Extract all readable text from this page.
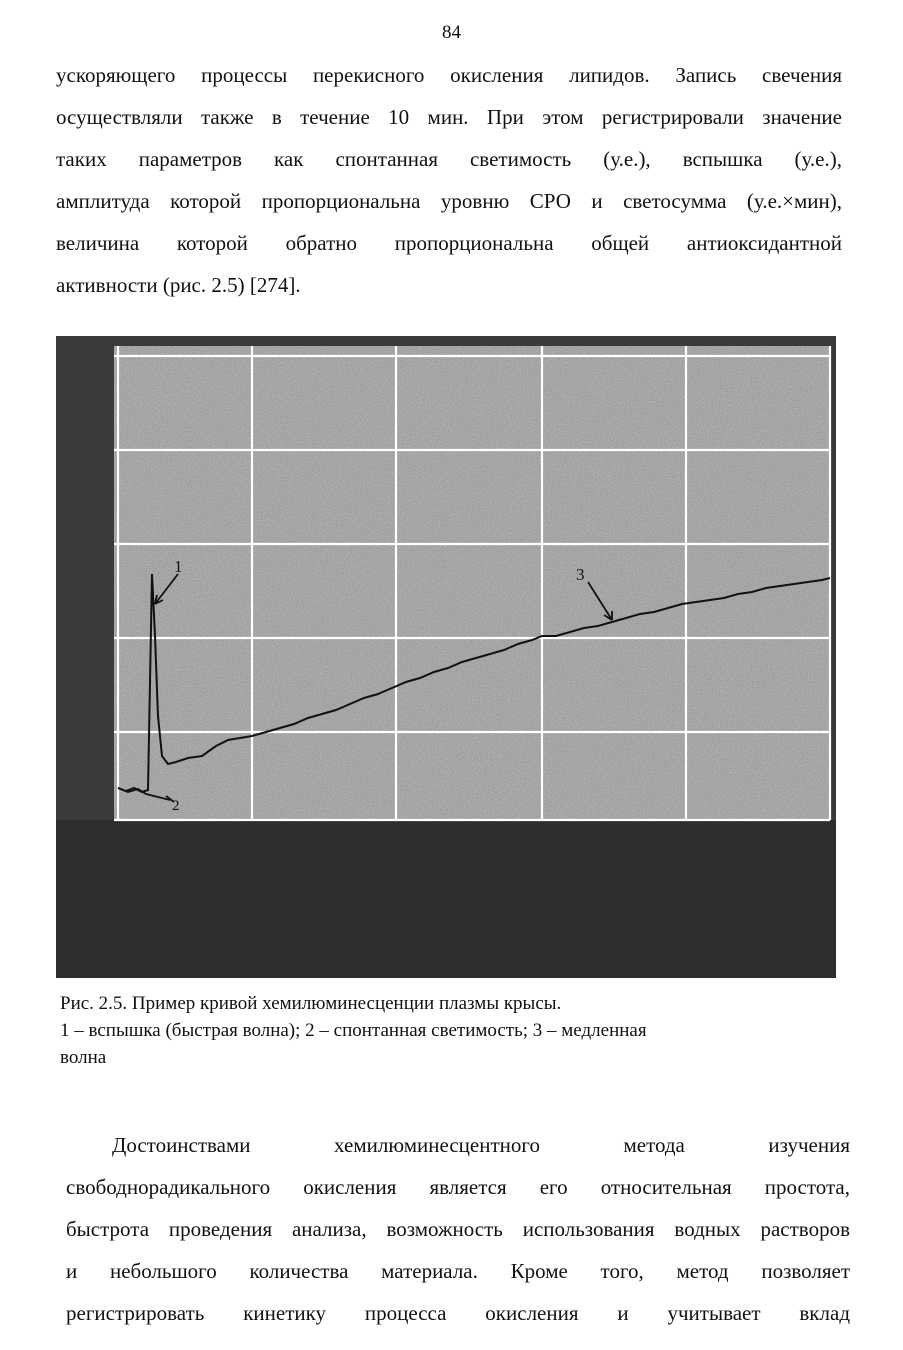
84
ускоряющего процессы перекисного окисления липидов. Запись свечения
осуществляли также в течение 10 мин. При этом регистрировали значение
таких параметров как спонтанная светимость (у.е.), вспышка (у.е.),
амплитуда которой пропорциональна уровню СРО и светосумма (у.е.×мин),
величина которой обратно пропорциональна общей антиоксидантной
активности (рис. 2.5) [274].
1
2
3
Рис. 2.5. Пример кривой хемилюминесценции плазмы крысы.
1 – вспышка (быстрая волна); 2 – спонтанная светимость; 3 – медленная
волна
Достоинствами хемилюминесцентного метода изучения
свободнорадикального окисления является его относительная простота,
быстрота проведения анализа, возможность использования водных растворов
и небольшого количества материала. Кроме того, метод позволяет
регистрировать кинетику процесса окисления и учитывает вклад
